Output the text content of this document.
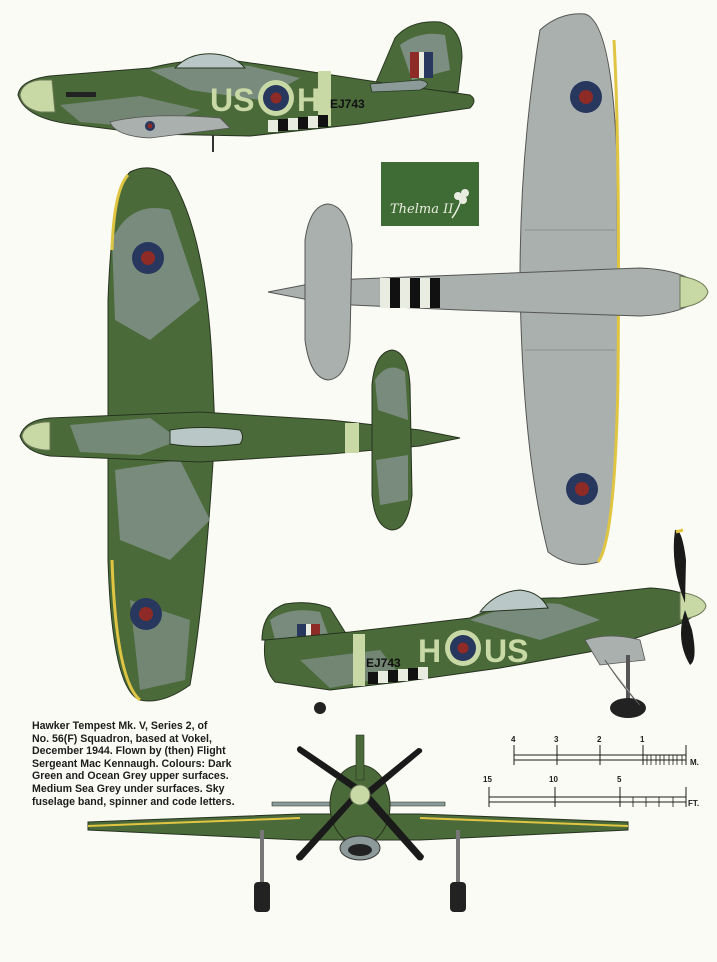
US H EJ743
Thelma II
H US
EJ743
4	3	2	1
M.
15	10	5
FT.
Hawker Tempest Mk. V, Series 2, of
No. 56(F) Squadron, based at Vokel,
December 1944. Flown by (then) Flight
Sergeant Mac Kennaugh. Colours: Dark
Green and Ocean Grey upper surfaces.
Medium Sea Grey under surfaces. Sky
fuselage band, spinner and code letters.
